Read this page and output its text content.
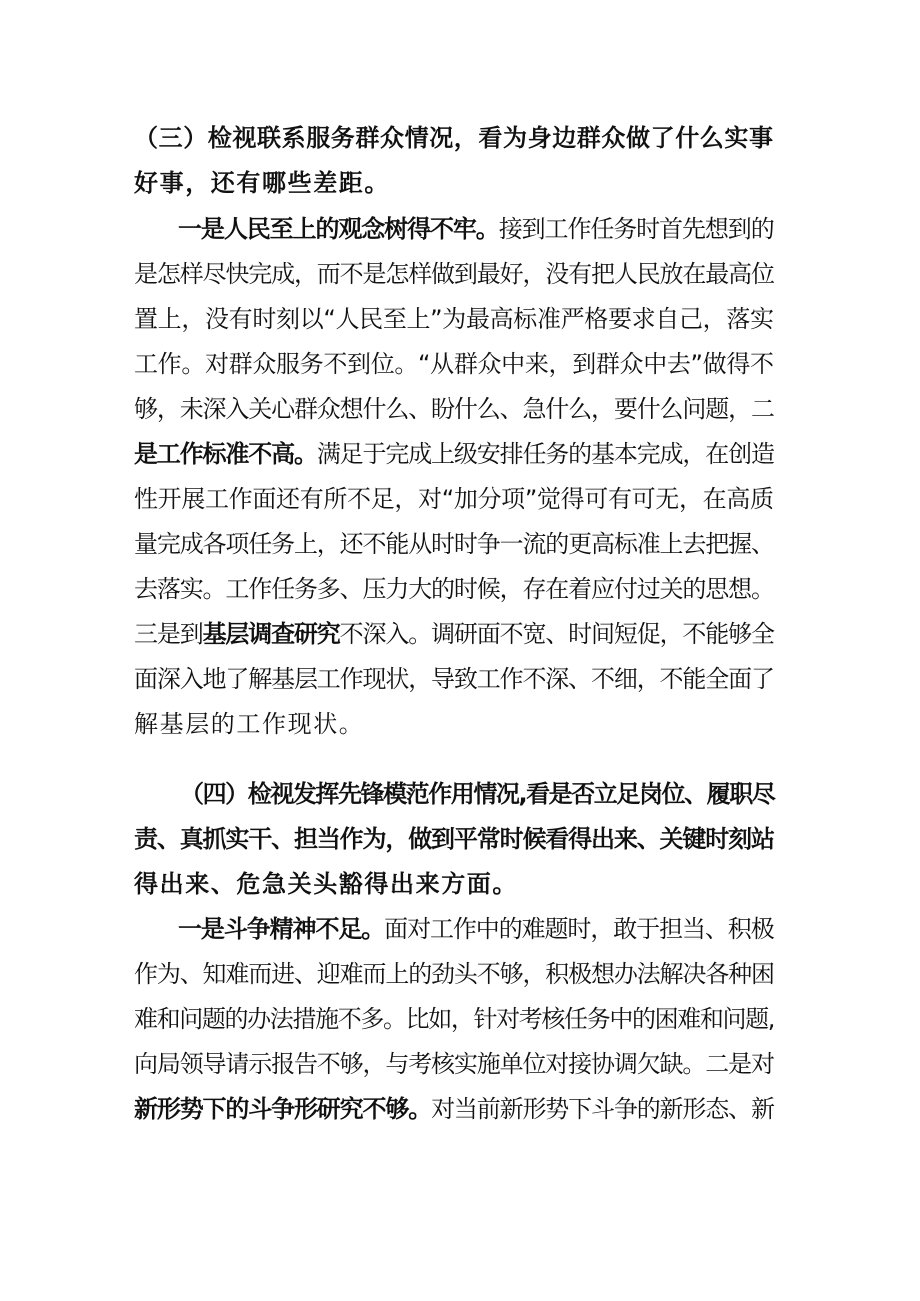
（三）检视联系服务群众情况，看为身边群众做了什么实事
好事，还有哪些差距。
一是人民至上的观念树得不牢。接到工作任务时首先想到的
是怎样尽快完成，而不是怎样做到最好，没有把人民放在最高位
置上，没有时刻以“人民至上”为最高标准严格要求自己，落实
工作。对群众服务不到位。“从群众中来，到群众中去”做得不
够，未深入关心群众想什么、盼什么、急什么，要什么问题，二
是工作标准不高。满足于完成上级安排任务的基本完成，在创造
性开展工作面还有所不足，对“加分项”觉得可有可无，在高质
量完成各项任务上，还不能从时时争一流的更高标准上去把握、
去落实。工作任务多、压力大的时候，存在着应付过关的思想。
三是到基层调查研究不深入。调研面不宽、时间短促，不能够全
面深入地了解基层工作现状，导致工作不深、不细，不能全面了
解基层的工作现状。
（四）检视发挥先锋模范作用情况,看是否立足岗位、履职尽
责、真抓实干、担当作为，做到平常时候看得出来、关键时刻站
得出来、危急关头豁得出来方面。
一是斗争精神不足。面对工作中的难题时，敢于担当、积极
作为、知难而进、迎难而上的劲头不够，积极想办法解决各种困
难和问题的办法措施不多。比如，针对考核任务中的困难和问题,
向局领导请示报告不够，与考核实施单位对接协调欠缺。二是对
新形势下的斗争形研究不够。对当前新形势下斗争的新形态、新
